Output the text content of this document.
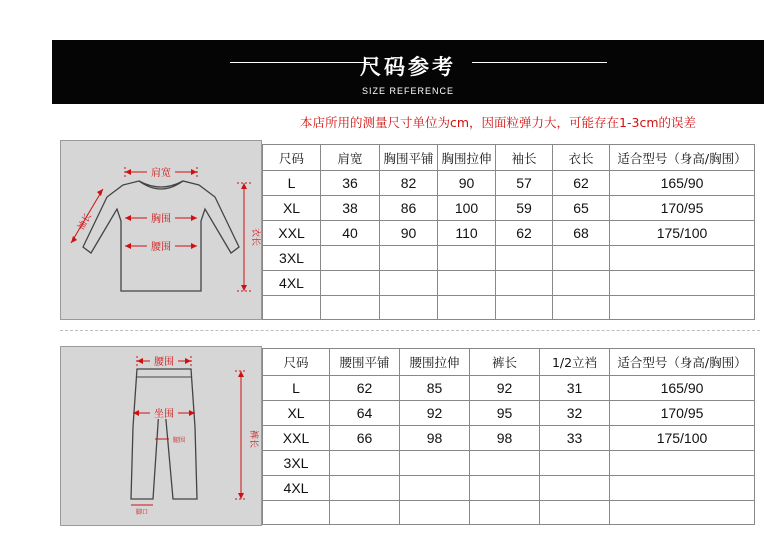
尺码参考
SIZE REFERENCE
本店所用的测量尺寸单位为cm，因面粒弹力大，可能存在1-3cm的误差
肩宽
胸围
腰围
袖长
衣长
尺码	肩宽	胸围平铺	胸围拉伸	袖长	衣长	适合型号（身高/胸围）
L	36	82	90	57	62	165/90
XL	38	86	100	59	65	170/95
XXL	40	90	110	62	68	175/100
3XL						
4XL						

腰围
坐围
腿围	裤长
脚口
尺码	腰围平铺	腰围拉伸	裤长	1/2立裆	适合型号（身高/胸围）
L	62	85	92	31	165/90
XL	64	92	95	32	170/95
XXL	66	98	98	33	175/100
3XL					
4XL					
